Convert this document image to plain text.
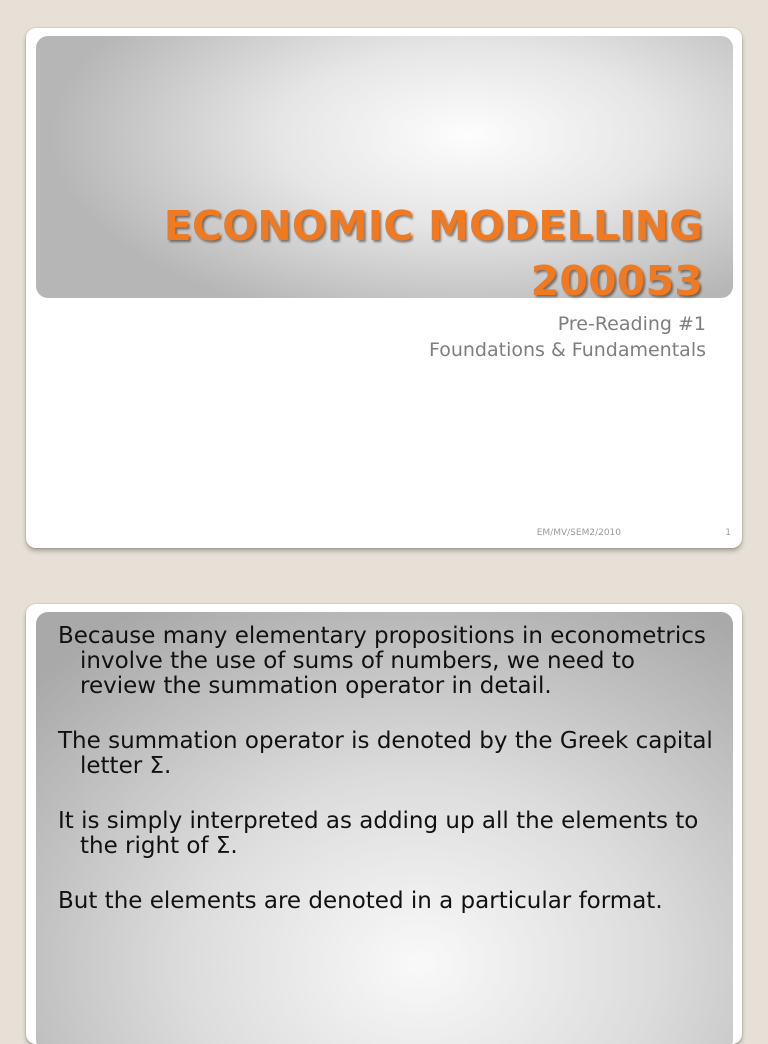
ECONOMIC MODELLING 200053
Pre-Reading #1
Foundations & Fundamentals
EM/MV/SEM2/2010	1
Because many elementary propositions in econometrics involve the use of sums of numbers, we need to review the summation operator in detail.
The summation operator is denoted by the Greek capital letter Σ.
It is simply interpreted as adding up all the elements to the right of Σ.
But the elements are denoted in a particular format.
